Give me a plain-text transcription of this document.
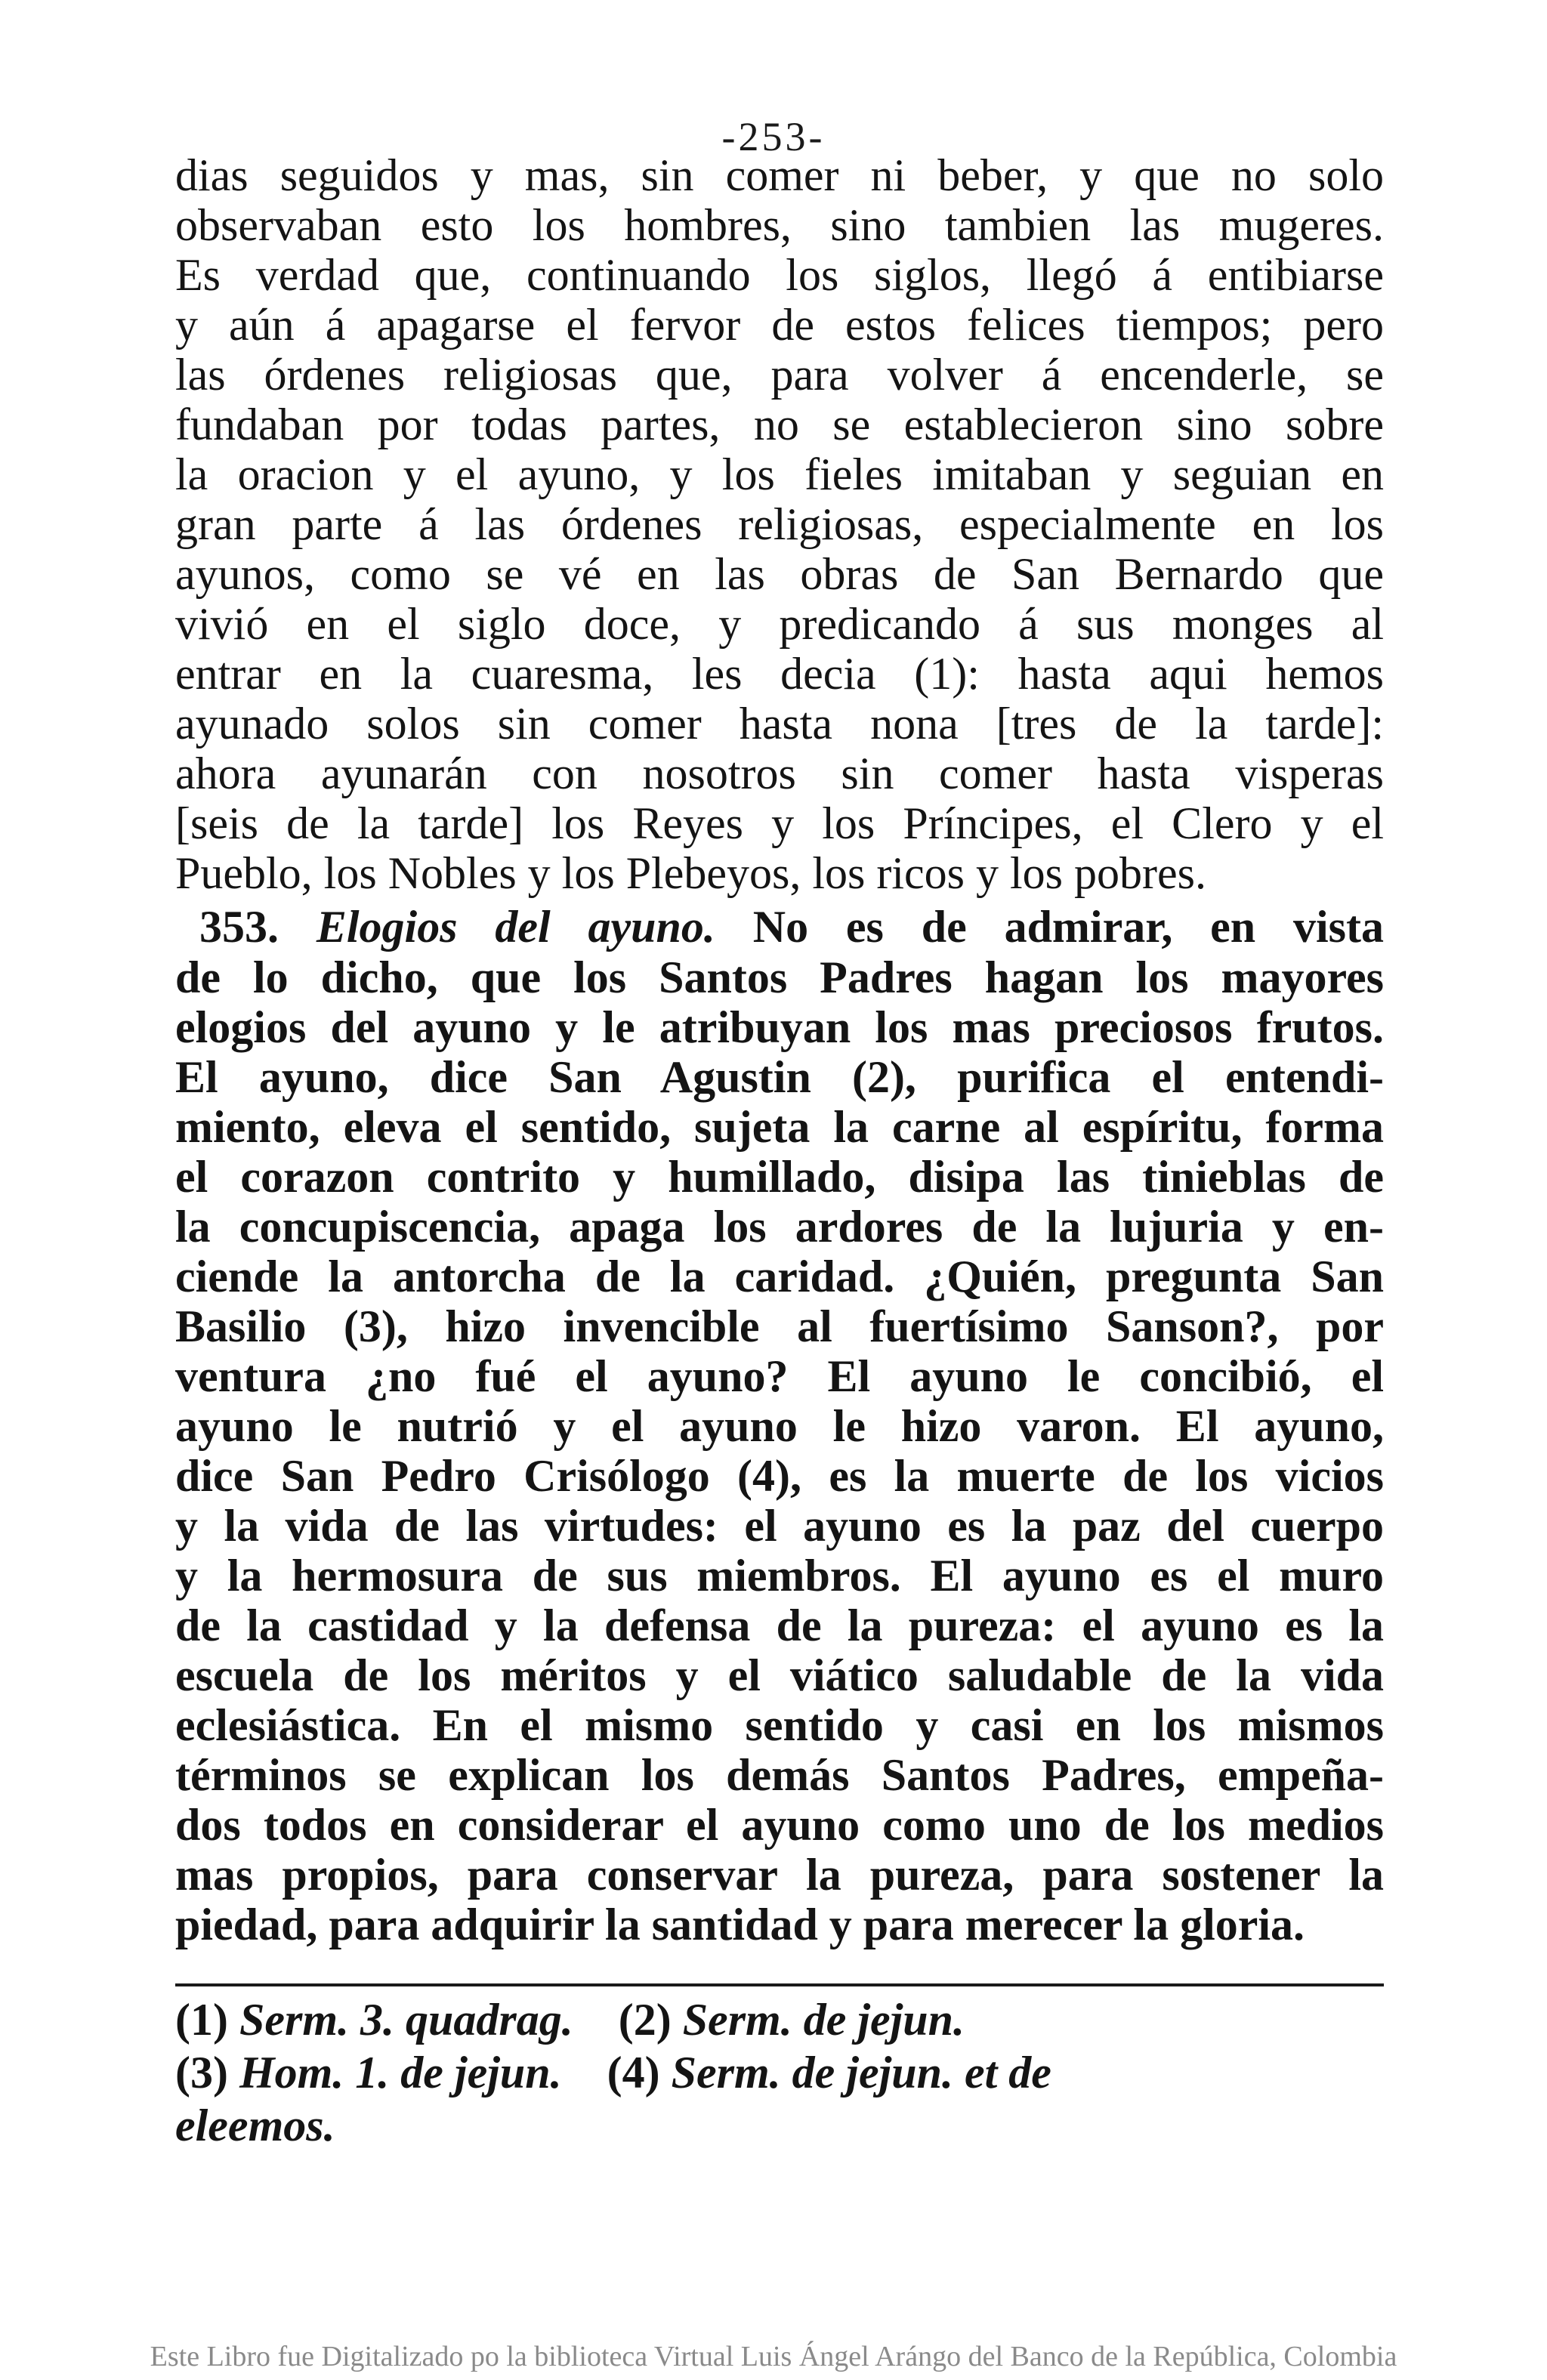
-253-
dias seguidos y mas, sin comer ni beber, y que no solo
observaban esto los hombres, sino tambien las mugeres.
Es verdad que, continuando los siglos, llegó á entibiarse
y aún á apagarse el fervor de estos felices tiempos; pero
las órdenes religiosas que, para volver á encenderle, se
fundaban por todas partes, no se establecieron sino sobre
la oracion y el ayuno, y los fieles imitaban y seguian en
gran parte á las órdenes religiosas, especialmente en los
ayunos, como se vé en las obras de San Bernardo que
vivió en el siglo doce, y predicando á sus monges al
entrar en la cuaresma, les decia (1): hasta aqui hemos
ayunado solos sin comer hasta nona [tres de la tarde]:
ahora ayunarán con nosotros sin comer hasta visperas
[seis de la tarde] los Reyes y los Príncipes, el Clero y el
Pueblo, los Nobles y los Plebeyos, los ricos y los pobres.
353. Elogios del ayuno. No es de admirar, en vista
de lo dicho, que los Santos Padres hagan los mayores
elogios del ayuno y le atribuyan los mas preciosos frutos.
El ayuno, dice San Agustin (2), purifica el entendi-
miento, eleva el sentido, sujeta la carne al espíritu, forma
el corazon contrito y humillado, disipa las tinieblas de
la concupiscencia, apaga los ardores de la lujuria y en-
ciende la antorcha de la caridad. ¿Quién, pregunta San
Basilio (3), hizo invencible al fuertísimo Sanson?, por
ventura ¿no fué el ayuno? El ayuno le concibió, el
ayuno le nutrió y el ayuno le hizo varon. El ayuno,
dice San Pedro Crisólogo (4), es la muerte de los vicios
y la vida de las virtudes: el ayuno es la paz del cuerpo
y la hermosura de sus miembros. El ayuno es el muro
de la castidad y la defensa de la pureza: el ayuno es la
escuela de los méritos y el viático saludable de la vida
eclesiástica. En el mismo sentido y casi en los mismos
términos se explican los demás Santos Padres, empeña-
dos todos en considerar el ayuno como uno de los medios
mas propios, para conservar la pureza, para sostener la
piedad, para adquirir la santidad y para merecer la gloria.
(1) Serm. 3. quadrag. (2) Serm. de jejun.
(3) Hom. 1. de jejun. (4) Serm. de jejun. et de
eleemos.
Este Libro fue Digitalizado po la biblioteca Virtual Luis Ángel Arángo del Banco de la República, Colombia
